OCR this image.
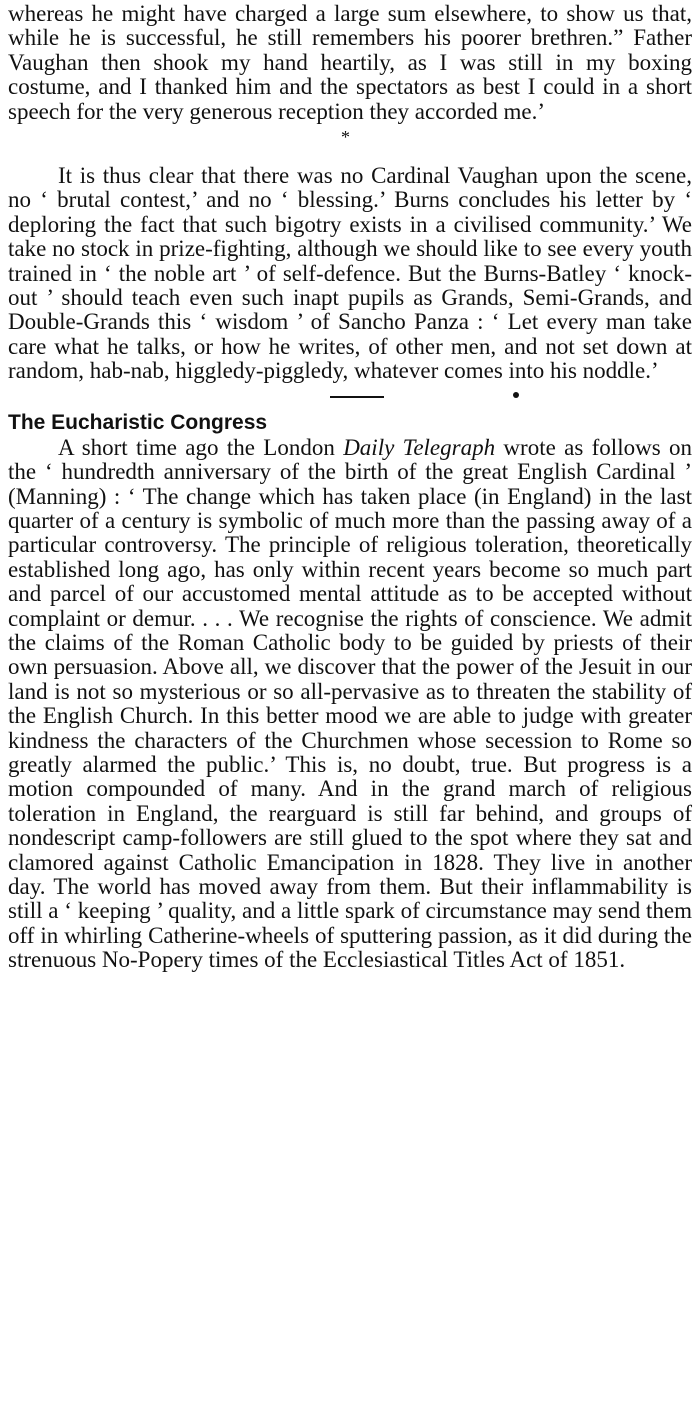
whereas he might have charged a large sum elsewhere, to show us that, while he is successful, he still remembers his poorer brethren.” Father Vaughan then shook my hand heartily, as I was still in my boxing costume, and I thanked him and the spectators as best I could in a short speech for the very generous reception they accorded me.’

*

It is thus clear that there was no Cardinal Vaughan upon the scene, no ‘ brutal contest,’ and no ‘ blessing.’ Burns concludes his letter by ‘ deploring the fact that such bigotry exists in a civilised community.’ We take no stock in prize-fighting, although we should like to see every youth trained in ‘ the noble art ’ of self-defence. But the Burns-Batley ‘ knock-out ’ should teach even such inapt pupils as Grands, Semi-Grands, and Double-Grands this ‘ wisdom ’ of Sancho Panza : ‘ Let every man take care what he talks, or how he writes, of other men, and not set down at random, hab-nab, higgledy-piggledy, whatever comes into his noddle.’

The Eucharistic Congress

A short time ago the London Daily Telegraph wrote as follows on the ‘ hundredth anniversary of the birth of the great English Cardinal ’ (Manning) : ‘ The change which has taken place (in England) in the last quarter of a century is symbolic of much more than the passing away of a particular controversy. The principle of religious toleration, theoretically established long ago, has only within recent years become so much part and parcel of our accustomed mental attitude as to be accepted without complaint or demur. . . . We recognise the rights of conscience. We admit the claims of the Roman Catholic body to be guided by priests of their own persuasion. Above all, we discover that the power of the Jesuit in our land is not so mysterious or so all-pervasive as to threaten the stability of the English Church. In this better mood we are able to judge with greater kindness the characters of the Churchmen whose secession to Rome so greatly alarmed the public.’ This is, no doubt, true. But progress is a motion compounded of many. And in the grand march of religious toleration in England, the rearguard is still far behind, and groups of nondescript camp-followers are still glued to the spot where they sat and clamored against Catholic Emancipation in 1828. They live in another day. The world has moved away from them. But their inflammability is still a ‘ keeping ’ quality, and a little spark of circumstance may send them off in whirling Catherine-wheels of sputtering passion, as it did during the strenuous No-Popery times of the Ecclesiastical Titles Act of 1851.
